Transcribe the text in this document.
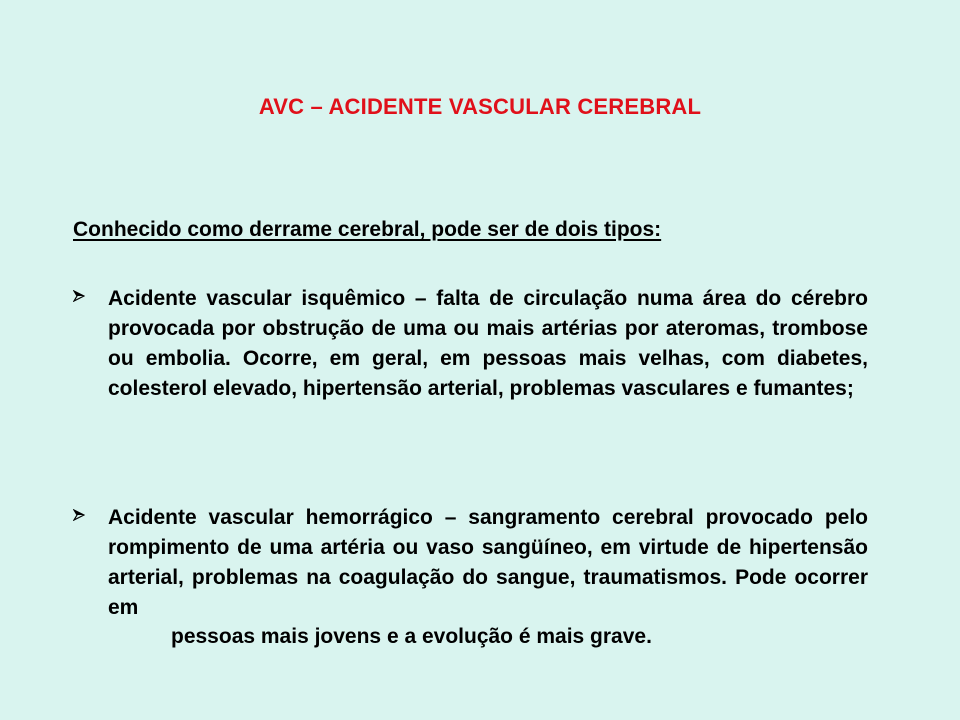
AVC – ACIDENTE VASCULAR CEREBRAL
Conhecido como derrame cerebral, pode ser de dois tipos:

Acidente vascular isquêmico – falta de circulação numa área do cérebro provocada por obstrução de uma ou mais artérias por ateromas, trombose ou embolia. Ocorre, em geral, em pessoas mais velhas, com diabetes, colesterol elevado, hipertensão arterial, problemas vasculares e fumantes;

Acidente vascular hemorrágico – sangramento cerebral provocado pelo rompimento de uma artéria ou vaso sangüíneo, em virtude de hipertensão arterial, problemas na coagulação do sangue, traumatismos. Pode ocorrer em

pessoas mais jovens e a evolução é mais grave.
